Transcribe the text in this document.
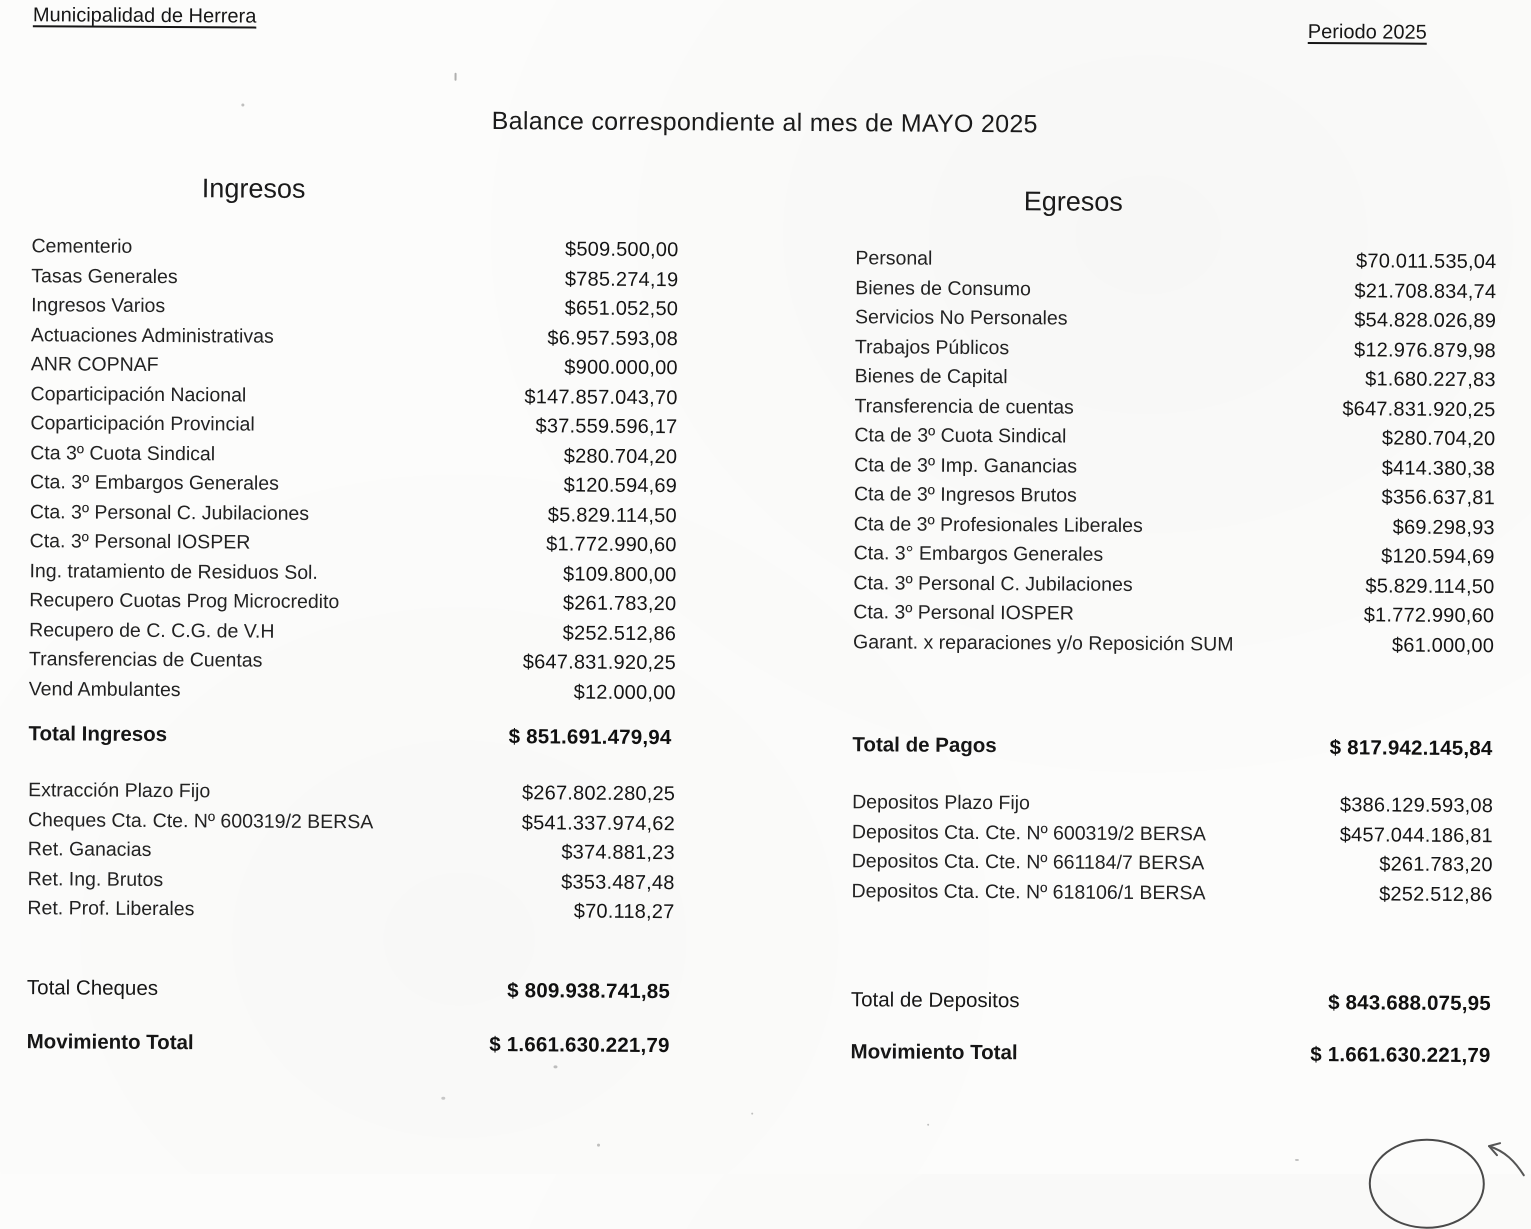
Municipalidad de Herrera
Periodo 2025
Balance correspondiente al mes de MAYO 2025
Ingresos	Egresos
Cementerio	$509.500,00
Tasas Generales	$785.274,19
Ingresos Varios	$651.052,50
Actuaciones Administrativas	$6.957.593,08
ANR COPNAF	$900.000,00
Coparticipación Nacional	$147.857.043,70
Coparticipación Provincial	$37.559.596,17
Cta 3º Cuota Sindical	$280.704,20
Cta. 3º Embargos Generales	$120.594,69
Cta. 3º Personal C. Jubilaciones	$5.829.114,50
Cta. 3º Personal IOSPER	$1.772.990,60
Ing. tratamiento de Residuos Sol.	$109.800,00
Recupero Cuotas Prog Microcredito	$261.783,20
Recupero de C. C.G. de V.H	$252.512,86
Transferencias de Cuentas	$647.831.920,25
Vend Ambulantes	$12.000,00
Total Ingresos	$ 851.691.479,94
Extracción Plazo Fijo	$267.802.280,25
Cheques Cta. Cte. Nº 600319/2 BERSA	$541.337.974,62
Ret. Ganacias	$374.881,23
Ret. Ing. Brutos	$353.487,48
Ret. Prof. Liberales	$70.118,27
Total Cheques	$ 809.938.741,85
Movimiento Total	$ 1.661.630.221,79
Personal	$70.011.535,04
Bienes de Consumo	$21.708.834,74
Servicios No Personales	$54.828.026,89
Trabajos Públicos	$12.976.879,98
Bienes de Capital	$1.680.227,83
Transferencia de cuentas	$647.831.920,25
Cta de 3º Cuota Sindical	$280.704,20
Cta de 3º Imp. Ganancias	$414.380,38
Cta de 3º Ingresos Brutos	$356.637,81
Cta de 3º Profesionales Liberales	$69.298,93
Cta. 3° Embargos Generales	$120.594,69
Cta. 3º Personal C. Jubilaciones	$5.829.114,50
Cta. 3º Personal IOSPER	$1.772.990,60
Garant. x reparaciones y/o Reposición SUM	$61.000,00
Total de Pagos	$ 817.942.145,84
Depositos Plazo Fijo	$386.129.593,08
Depositos Cta. Cte. Nº 600319/2 BERSA	$457.044.186,81
Depositos Cta. Cte. Nº 661184/7 BERSA	$261.783,20
Depositos Cta. Cte. Nº 618106/1 BERSA	$252.512,86
Total de Depositos	$ 843.688.075,95
Movimiento Total	$ 1.661.630.221,79
